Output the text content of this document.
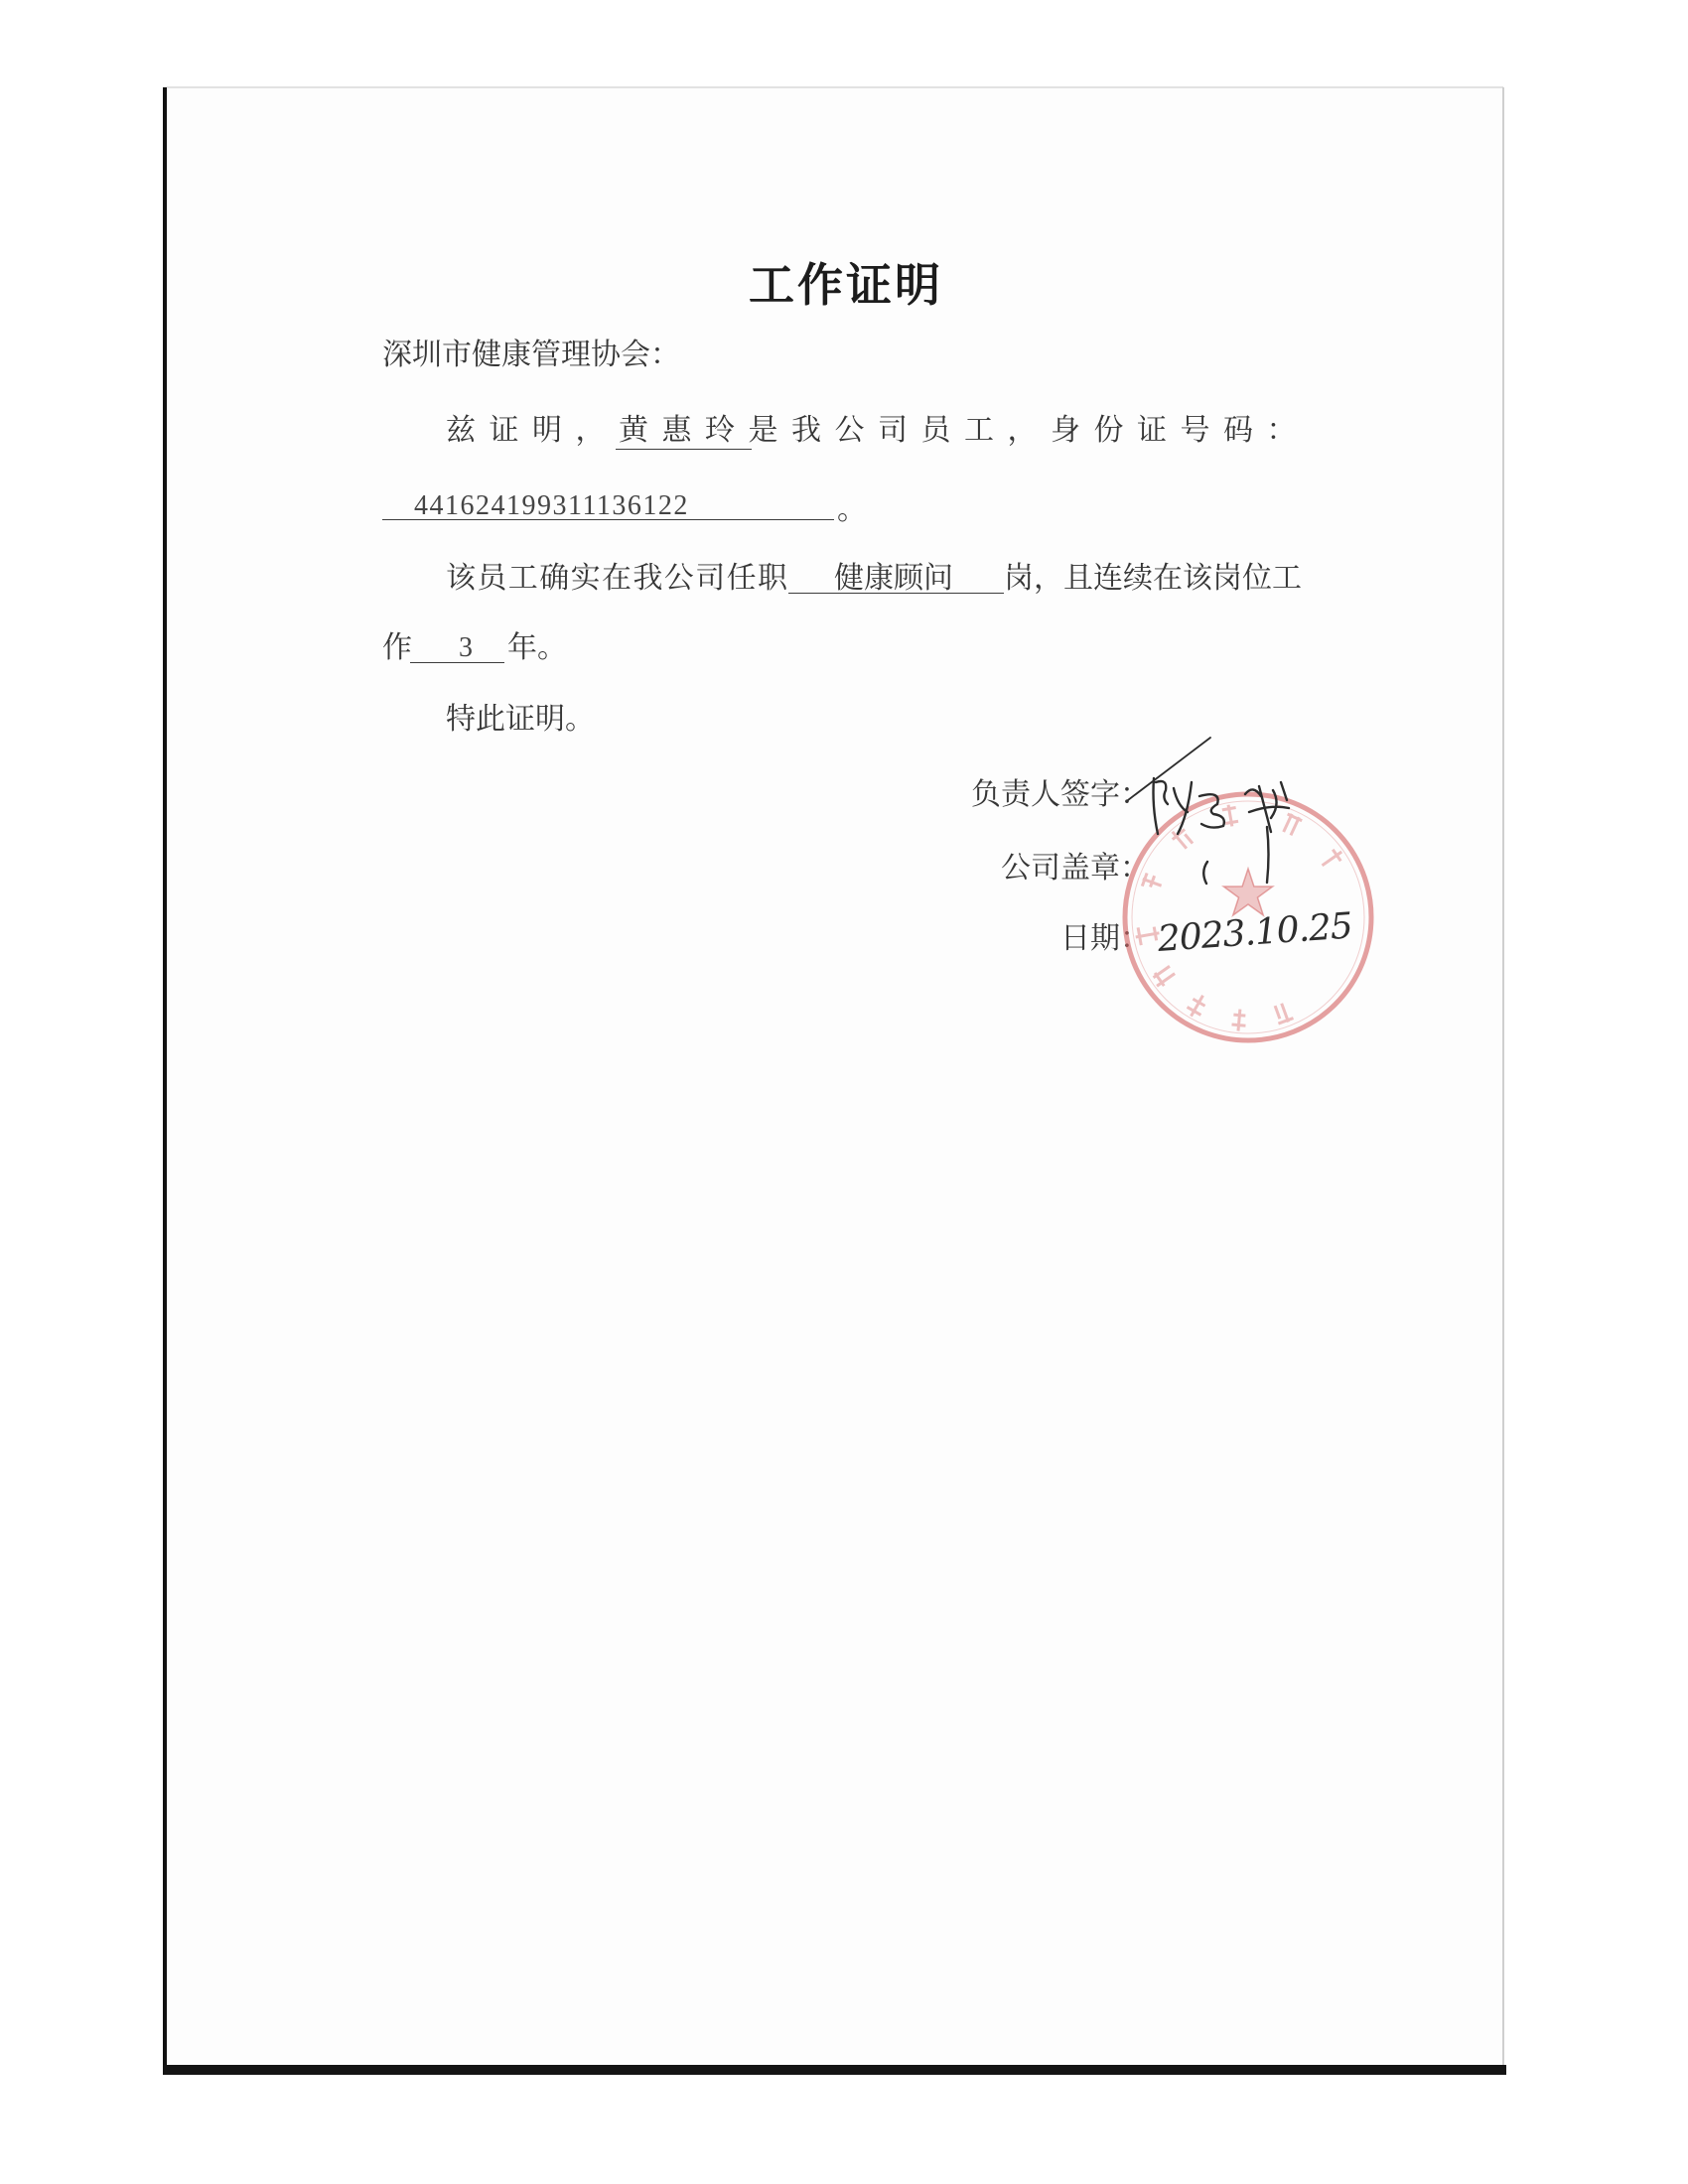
工作证明
深圳市健康管理协会：
兹证明，黄惠玲是我公司员工，身份证号码：
441624199311136122	。
该员工确实在我公司任职 健康顾问 岗，且连续在该岗位工
作 3 年。
特此证明。
负责人签字：
公司盖章：
日期： 2023.10.25
